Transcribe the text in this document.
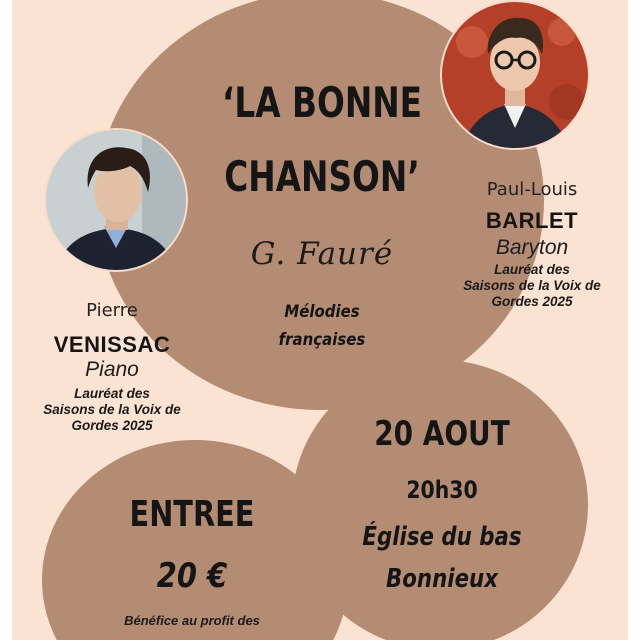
‘LA BONNE
CHANSON’
G. Fauré
Mélodies
françaises
Pierre
VENISSAC
Piano
Lauréat des
Saisons de la Voix de
Gordes 2025
Paul-Louis
BARLET
Baryton
Lauréat des
Saisons de la Voix de
Gordes 2025
20 AOUT
20h30
Église du bas
Bonnieux
ENTREE
20 €
Bénéfice au profit des
